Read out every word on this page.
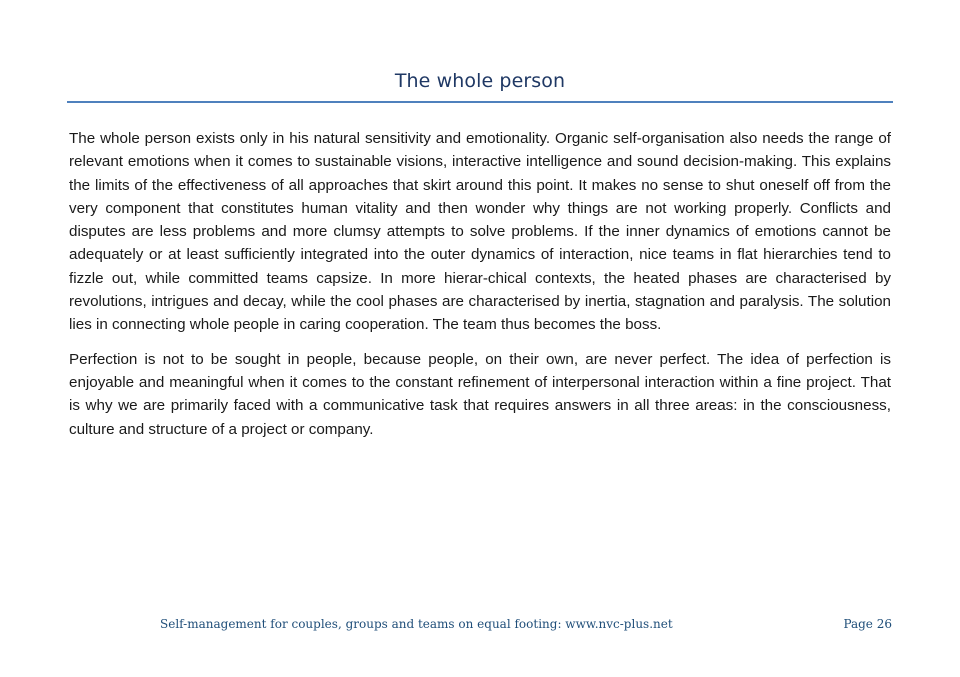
The whole person

The whole person exists only in his natural sensitivity and emotionality. Organic self-organisation also needs the range of relevant emotions when it comes to sustainable visions, interactive intelligence and sound decision-making. This explains the limits of the effectiveness of all approaches that skirt around this point. It makes no sense to shut oneself off from the very component that constitutes human vitality and then wonder why things are not working properly. Conflicts and disputes are less problems and more clumsy attempts to solve problems. If the inner dynamics of emotions cannot be adequately or at least sufficiently integrated into the outer dynamics of interaction, nice teams in flat hierarchies tend to fizzle out, while committed teams capsize. In more hierar-chical contexts, the heated phases are characterised by revolutions, intrigues and decay, while the cool phases are characterised by inertia, stagnation and paralysis. The solution lies in connecting whole people in caring cooperation. The team thus becomes the boss.

Perfection is not to be sought in people, because people, on their own, are never perfect. The idea of perfection is enjoyable and meaningful when it comes to the constant refinement of interpersonal interaction within a fine project. That is why we are primarily faced with a communicative task that requires answers in all three areas: in the consciousness, culture and structure of a project or company.

Self-management for couples, groups and teams on equal footing: www.nvc-plus.net	Page 26
